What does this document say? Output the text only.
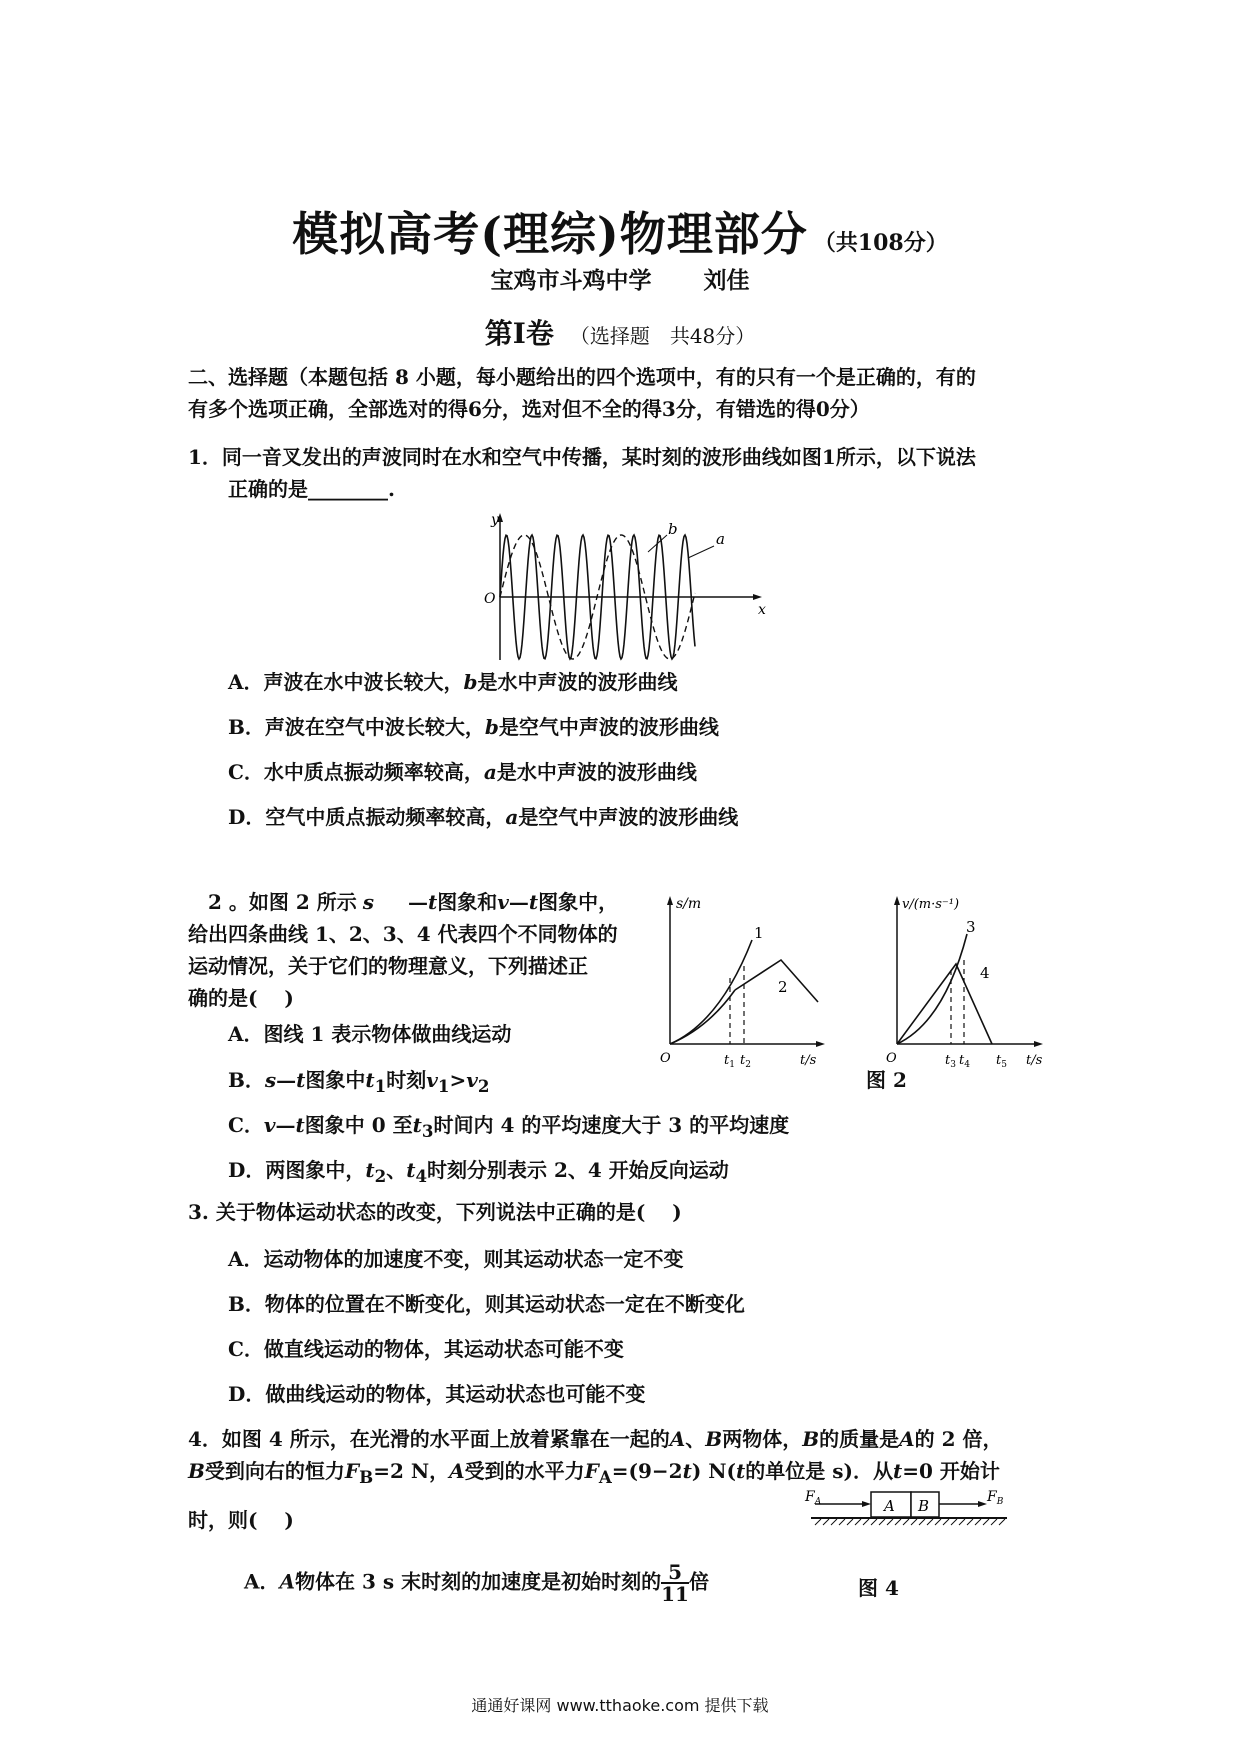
模拟高考(理综)物理部分 （共108分）
宝鸡市斗鸡中学 刘佳
第Ⅰ卷 （选择题　共48分）
二、选择题（本题包括 8 小题，每小题给出的四个选项中，有的只有一个是正确的，有的
有多个选项正确，全部选对的得6分，选对但不全的得3分，有错选的得0分）
1．同一音叉发出的声波同时在水和空气中传播，某时刻的波形曲线如图1所示，以下说法
正确的是________.
y
x
O
b
a
A．声波在水中波长较大，b是水中声波的波形曲线
B．声波在空气中波长较大，b是空气中声波的波形曲线
C．水中质点振动频率较高，a是水中声波的波形曲线
D．空气中质点振动频率较高，a是空气中声波的波形曲线
2 。如图 2 所示 s —t图象和v—t图象中，
给出四条曲线 1、2、3、4 代表四个不同物体的
运动情况，关于它们的物理意义，下列描述正
确的是(　 )
s/m
t/s
O
1
2
$t_1$ $t_2$
v/(m·s⁻¹)
t/s
O
3
4
$t_3$ $t_4$ $t_5$
图 2
A．图线 1 表示物体做曲线运动
B．s—t图象中$t_1$时刻$v_1>v_2$
C．v—t图象中 0 至$t_3$时间内 4 的平均速度大于 3 的平均速度
D．两图象中，$t_2$、$t_4$时刻分别表示 2、4 开始反向运动
3. 关于物体运动状态的改变，下列说法中正确的是(　 )
A．运动物体的加速度不变，则其运动状态一定不变
B．物体的位置在不断变化，则其运动状态一定在不断变化
C．做直线运动的物体，其运动状态可能不变
D．做曲线运动的物体，其运动状态也可能不变
4．如图 4 所示，在光滑的水平面上放着紧靠在一起的A、B两物体，B的质量是A的 2 倍，
B受到向右的恒力$F_B=2$ N，A受到的水平力$F_A=(9-2t)$ N(t的单位是 s)．从t=0 开始计
时，则(　 )
$F_A$	A B	$F_B$
A．A物体在 3 s 末时刻的加速度是初始时刻的 $\frac{5}{11}$ 倍	图 4
通通好课网 www.tthaoke.com 提供下载
